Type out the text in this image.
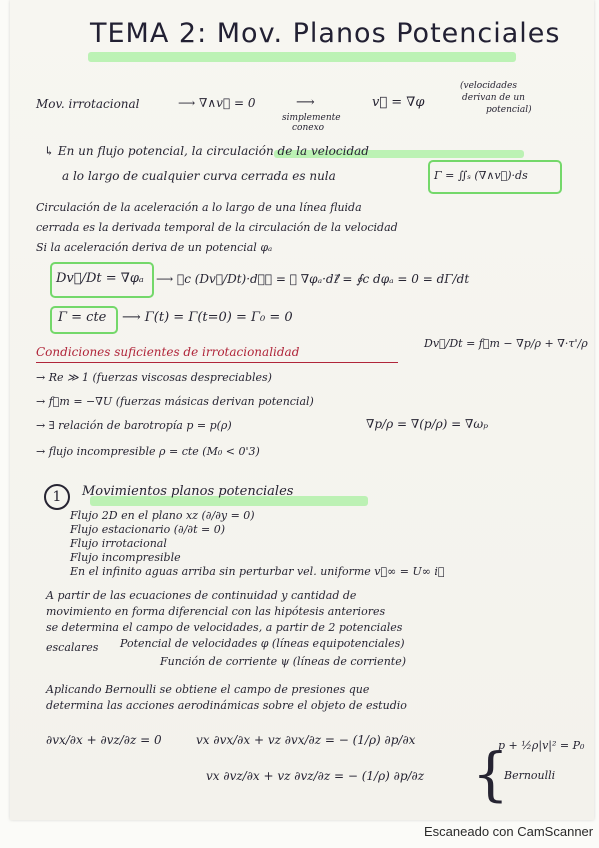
TEMA 2: Mov. Planos Potenciales
Mov. irrotacional	⟶ ∇∧v⃗ = 0	⟶
simplemente
conexo
v⃗ = ∇φ
(velocidades
derivan de un
potencial)
↳ En un flujo potencial, la circulación de la velocidad
a lo largo de cualquier curva cerrada es nula	Γ = ∬ₛ (∇∧v⃗)·ds
Circulación de la aceleración a lo largo de una línea fluida
cerrada es la derivada temporal de la circulación de la velocidad
Si la aceleración deriva de un potencial φₐ
Dv⃗/Dt = ∇φₐ ⟶ ∮c (Dv⃗/Dt)·dℓ⃗ = ∮ ∇φₐ·dℓ⃗ = ∮c dφₐ = 0 = dΓ/dt
Γ = cte ⟶ Γ(t) = Γ(t=0) = Γ₀ = 0
Dv⃗/Dt = f⃗m − ∇p/ρ + ∇·τ'/ρ
Condiciones suficientes de irrotacionalidad
→ Re ≫ 1 (fuerzas viscosas despreciables)
→ f⃗m = −∇U (fuerzas másicas derivan potencial)
→ ∃ relación de barotropía p = p(ρ)	∇p/ρ = ∇(p/ρ) = ∇ωₚ
→ flujo incompresible ρ = cte (M₀ < 0'3)
1	Movimientos planos potenciales
Flujo 2D en el plano xz (∂/∂y = 0)
Flujo estacionario (∂/∂t = 0)
Flujo irrotacional
Flujo incompresible
En el infinito aguas arriba sin perturbar vel. uniforme v⃗∞ = U∞ i⃗
A partir de las ecuaciones de continuidad y cantidad de
movimiento en forma diferencial con las hipótesis anteriores
se determina el campo de velocidades, a partir de 2 potenciales
escalares Potencial de velocidades φ (líneas equipotenciales)
Función de corriente ψ (líneas de corriente)
Aplicando Bernoulli se obtiene el campo de presiones que
determina las acciones aerodinámicas sobre el objeto de estudio
∂vx/∂x + ∂vz/∂z = 0	vx ∂vx/∂x + vz ∂vx/∂z = − (1/ρ) ∂p/∂x
vx ∂vz/∂x + vz ∂vz/∂z = − (1/ρ) ∂p/∂z {
p + ½ρ|v|² = P₀
Bernoulli
Escaneado con CamScanner
